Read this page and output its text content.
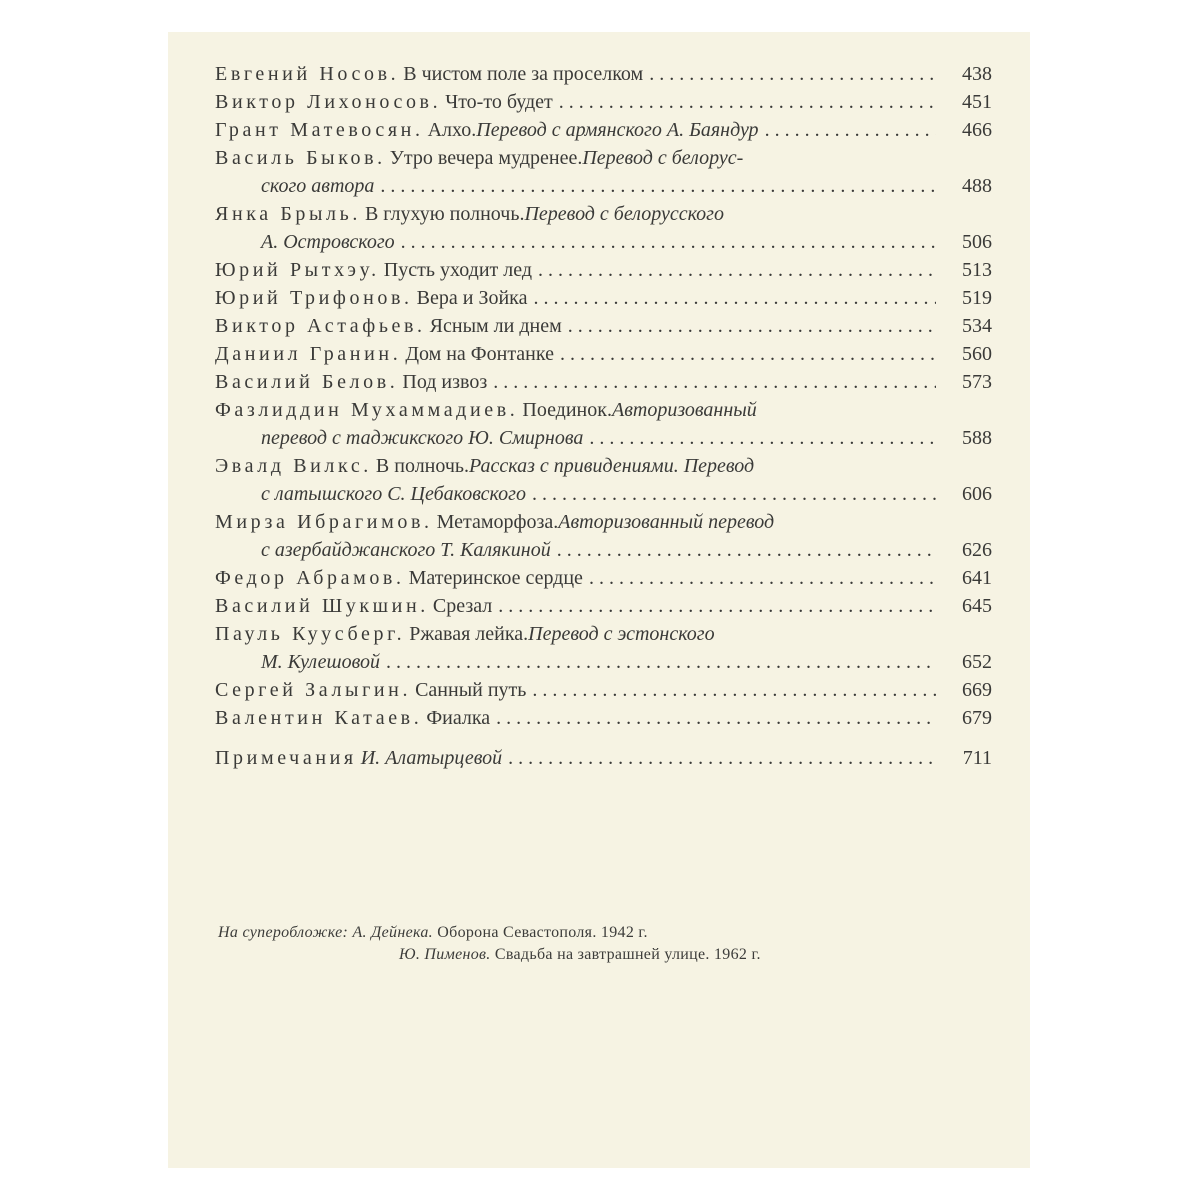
Евгений Носов. В чистом поле за проселком . . .	438
Виктор Лихоносов. Что-то будет . . .	451
Грант Матевосян. Алхо. Перевод с армянского А. Баяндур . . .	466
Василь Быков. Утро вечера мудренее. Перевод с белорус-
ского автора . . .	488
Янка Брыль. В глухую полночь. Перевод с белорусского
А. Островского . . .	506
Юрий Рытхэу. Пусть уходит лед . . .	513
Юрий Трифонов. Вера и Зойка . . .	519
Виктор Астафьев. Ясным ли днем . . .	534
Даниил Гранин. Дом на Фонтанке . . .	560
Василий Белов. Под извоз . . .	573
Фазлиддин Мухаммадиев. Поединок. Авторизованный
перевод с таджикского Ю. Смирнова . . .	588
Эвалд Вилкс. В полночь. Рассказ с привидениями. Перевод
с латышского С. Цебаковского . . .	606
Мирза Ибрагимов. Метаморфоза. Авторизованный перевод
с азербайджанского Т. Калякиной . . .	626
Федор Абрамов. Материнское сердце . . .	641
Василий Шукшин. Срезал . . .	645
Пауль Куусберг. Ржавая лейка. Перевод с эстонского
М. Кулешовой . . .	652
Сергей Залыгин. Санный путь . . .	669
Валентин Катаев. Фиалка . . .	679
Примечания И. Алатырцевой . . .	711
На суперобложке: А. Дейнека. Оборона Севастополя. 1942 г.
Ю. Пименов. Свадьба на завтрашней улице. 1962 г.
